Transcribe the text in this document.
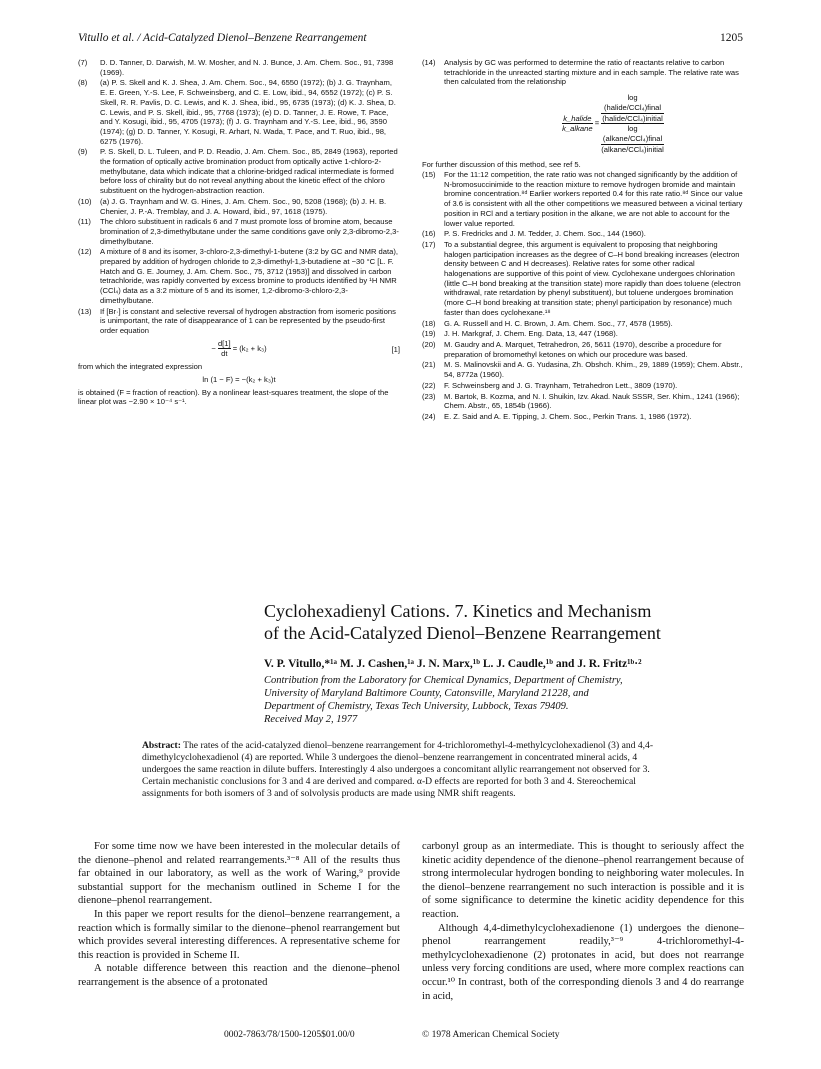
Vitullo et al. / Acid-Catalyzed Dienol–Benzene Rearrangement	1205
(7) D. D. Tanner, D. Darwish, M. W. Mosher, and N. J. Bunce, J. Am. Chem. Soc., 91, 7398 (1969).
(8) (a) P. S. Skell and K. J. Shea, J. Am. Chem. Soc., 94, 6550 (1972); (b) J. G. Traynham, E. E. Green, Y.-S. Lee, F. Schweinsberg, and C. E. Low, ibid., 94, 6552 (1972); (c) P. S. Skell, R. R. Pavlis, D. C. Lewis, and K. J. Shea, ibid., 95, 6735 (1973); (d) K. J. Shea, D. C. Lewis, and P. S. Skell, ibid., 95, 7768 (1973); (e) D. D. Tanner, J. E. Rowe, T. Pace, and Y. Kosugi, ibid., 95, 4705 (1973); (f) J. G. Traynham and Y.-S. Lee, ibid., 96, 3590 (1974); (g) D. D. Tanner, Y. Kosugi, R. Arhart, N. Wada, T. Pace, and T. Ruo, ibid., 98, 6275 (1976).
(9) P. S. Skell, D. L. Tuleen, and P. D. Readio, J. Am. Chem. Soc., 85, 2849 (1963), reported the formation of optically active bromination product from optically active 1-chloro-2-methylbutane, data which indicate that a chlorine-bridged radical intermediate is formed before loss of chirality but do not reveal anything about the kinetic effect of the chloro substituent on the hydrogen-abstraction reaction.
(10) (a) J. G. Traynham and W. G. Hines, J. Am. Chem. Soc., 90, 5208 (1968); (b) J. H. B. Chenier, J. P.-A. Tremblay, and J. A. Howard, ibid., 97, 1618 (1975).
(11) The chloro substituent in radicals 6 and 7 must promote loss of bromine atom, because bromination of 2,3-dimethylbutane under the same conditions gave only 2,3-dibromo-2,3-dimethylbutane.
(12) A mixture of 8 and its isomer, 3-chloro-2,3-dimethyl-1-butene (3:2 by GC and NMR data), prepared by addition of hydrogen chloride to 2,3-dimethyl-1,3-butadiene at −30 °C [L. F. Hatch and G. E. Journey, J. Am. Chem. Soc., 75, 3712 (1953)] and dissolved in carbon tetrachloride, was rapidly converted by excess bromine to products identified by ¹H NMR (CCl₄) data as a 3:2 mixture of 5 and its isomer, 1,2-dibromo-3-chloro-2,3-dimethylbutane.
(13) If [Br·] is constant and selective reversal of hydrogen abstraction from isomeric positions is unimportant, the rate of disappearance of 1 can be represented by the pseudo-first order equation
− $\frac{d[1]}{dt} = (k_2 + k_3)$	[1]
from which the integrated expression
ln (1 − F) = −(k₂ + k₃)t
is obtained (F = fraction of reaction). By a nonlinear least-squares treatment, the slope of the linear plot was −2.90 × 10⁻⁴ s⁻¹.
(14) Analysis by GC was performed to determine the ratio of reactants relative to carbon tetrachloride in the unreacted starting mixture and in each sample. The relative rate was then calculated from the relationship
$\frac{\text{k\_halide}}{\text{k\_alkane}} = \log$
(halide/CCl₄)final
(halide/CCl₄)initial
log
(alkane/CCl₄)final
(alkane/CCl₄)initial
For further discussion of this method, see ref 5.
(15) For the 11:12 competition, the rate ratio was not changed significantly by the addition of N-bromosuccinimide to the reaction mixture to remove hydrogen bromide and maintain bromine concentration.⁸ᵈ Earlier workers reported 0.4 for this rate ratio.⁸ᵈ Since our value of 3.6 is consistent with all the other competitions we measured between a vicinal tertiary position in RCl and a tertiary position in the alkane, we are not able to account for the lower value reported.
(16) P. S. Fredricks and J. M. Tedder, J. Chem. Soc., 144 (1960).
(17) To a substantial degree, this argument is equivalent to proposing that neighboring halogen participation increases as the degree of C–H bond breaking increases (electron density between C and H decreases). Relative rates for some other radical halogenations are supportive of this point of view. Cyclohexane undergoes chlorination (little C–H bond breaking at the transition state) more rapidly than does toluene (electron withdrawal, rate retardation by phenyl substituent), but toluene undergoes bromination (more C–H bond breaking at transition state; phenyl participation by resonance) much faster than does cyclohexane.¹⁸
(18) G. A. Russell and H. C. Brown, J. Am. Chem. Soc., 77, 4578 (1955).
(19) J. H. Markgraf, J. Chem. Eng. Data, 13, 447 (1968).
(20) M. Gaudry and A. Marquet, Tetrahedron, 26, 5611 (1970), describe a procedure for preparation of bromomethyl ketones on which our procedure was based.
(21) M. S. Malinovskii and A. G. Yudasina, Zh. Obshch. Khim., 29, 1889 (1959); Chem. Abstr., 54, 8772a (1960).
(22) F. Schweinsberg and J. G. Traynham, Tetrahedron Lett., 3809 (1970).
(23) M. Bartok, B. Kozma, and N. I. Shuikin, Izv. Akad. Nauk SSSR, Ser. Khim., 1241 (1966); Chem. Abstr., 65, 1854b (1966).
(24) E. Z. Said and A. E. Tipping, J. Chem. Soc., Perkin Trans. 1, 1986 (1972).
Cyclohexadienyl Cations. 7. Kinetics and Mechanism
of the Acid-Catalyzed Dienol–Benzene Rearrangement
V. P. Vitullo,*¹ᵃ M. J. Cashen,¹ᵃ J. N. Marx,¹ᵇ L. J. Caudle,¹ᵇ and J. R. Fritz¹ᵇ·²
Contribution from the Laboratory for Chemical Dynamics, Department of Chemistry,
University of Maryland Baltimore County, Catonsville, Maryland 21228, and
Department of Chemistry, Texas Tech University, Lubbock, Texas 79409.
Received May 2, 1977
Abstract: The rates of the acid-catalyzed dienol–benzene rearrangement for 4-trichloromethyl-4-methylcyclohexadienol (3) and 4,4-dimethylcyclohexadienol (4) are reported. While 3 undergoes the dienol–benzene rearrangement in concentrated mineral acids, 4 undergoes the same reaction in dilute buffers. Interestingly 4 also undergoes a concomitant allylic rearrangement not observed for 3. Certain mechanistic conclusions for 3 and 4 are derived and compared. α-D effects are reported for both 3 and 4. Stereochemical assignments for both isomers of 3 and of solvolysis products are made using NMR shift reagents.

For some time now we have been interested in the molecular details of the dienone–phenol and related rearrangements.³⁻⁸ All of the results thus far obtained in our laboratory, as well as the work of Waring,⁹ provide substantial support for the mechanism outlined in Scheme I for the dienone–phenol rearrangement.

In this paper we report results for the dienol–benzene rearrangement, a reaction which is formally similar to the dienone–phenol rearrangement but which provides several interesting differences. A representative scheme for this reaction is provided in Scheme II.

A notable difference between this reaction and the dienone–phenol rearrangement is the absence of a protonated

carbonyl group as an intermediate. This is thought to seriously affect the kinetic acidity dependence of the dienone–phenol rearrangement because of strong intermolecular hydrogen bonding to neighboring water molecules. In the dienol–benzene rearrangement no such interaction is possible and it is of some significance to determine the kinetic acidity dependence for this reaction.

Although 4,4-dimethylcyclohexadienone (1) undergoes the dienone–phenol rearrangement readily,³⁻⁹ 4-trichloromethyl-4-methylcyclohexadienone (2) protonates in acid, but does not rearrange unless very forcing conditions are used, where more complex reactions can occur.¹⁰ In contrast, both of the corresponding dienols 3 and 4 do rearrange in acid,

0002-7863/78/1500-1205$01.00/0	© 1978 American Chemical Society
